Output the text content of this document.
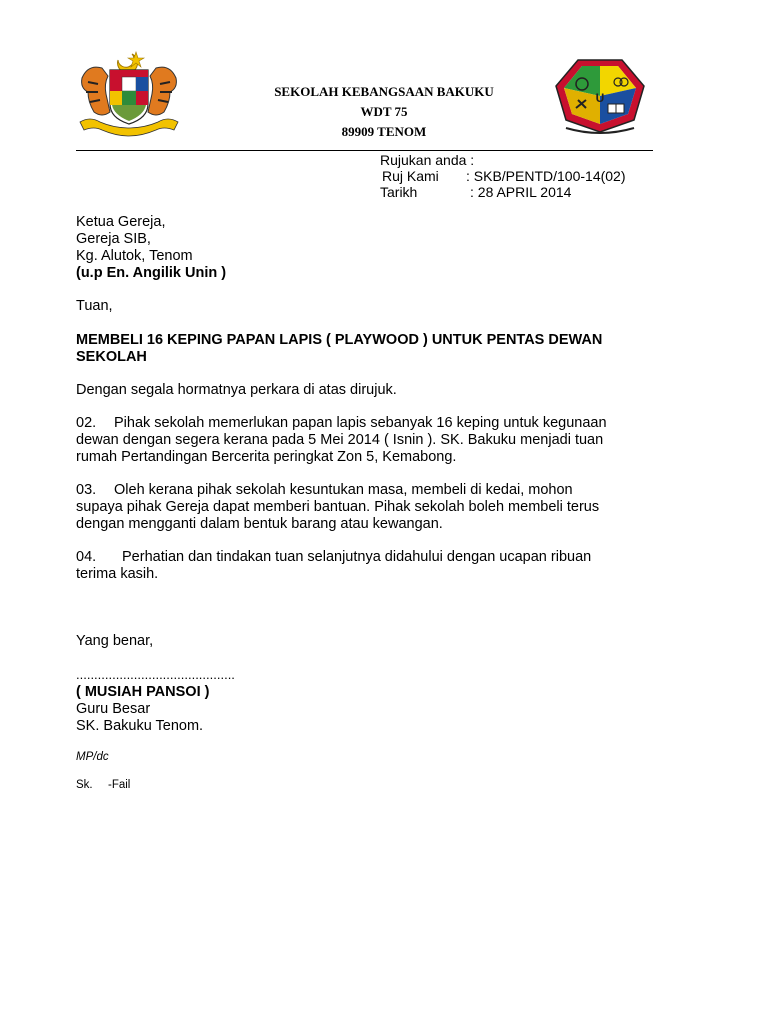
SEKOLAH KEBANGSAAN BAKUKU
WDT 75
89909 TENOM
U
Rujukan anda :
Ruj Kami : SKB/PENTD/100-14(02)
Tarikh	: 28 APRIL 2014
Ketua Gereja,
Gereja SIB,
Kg. Alutok, Tenom
(u.p En. Angilik Unin )
Tuan,
MEMBELI 16 KEPING PAPAN LAPIS ( PLAYWOOD ) UNTUK PENTAS DEWAN
SEKOLAH
Dengan segala hormatnya perkara di atas dirujuk.
02. Pihak sekolah memerlukan papan lapis sebanyak 16 keping untuk kegunaan
dewan dengan segera kerana pada 5 Mei 2014 ( Isnin ). SK. Bakuku menjadi tuan
rumah Pertandingan Bercerita peringkat Zon 5, Kemabong.
03. Oleh kerana pihak sekolah kesuntukan masa, membeli di kedai, mohon
supaya pihak Gereja dapat memberi bantuan. Pihak sekolah boleh membeli terus
dengan mengganti dalam bentuk barang atau kewangan.
04. Perhatian dan tindakan tuan selanjutnya didahului dengan ucapan ribuan
terima kasih.
Yang benar,
............................................
( MUSIAH PANSOI )
Guru Besar
SK. Bakuku Tenom.
MP/dc
Sk. -Fail
